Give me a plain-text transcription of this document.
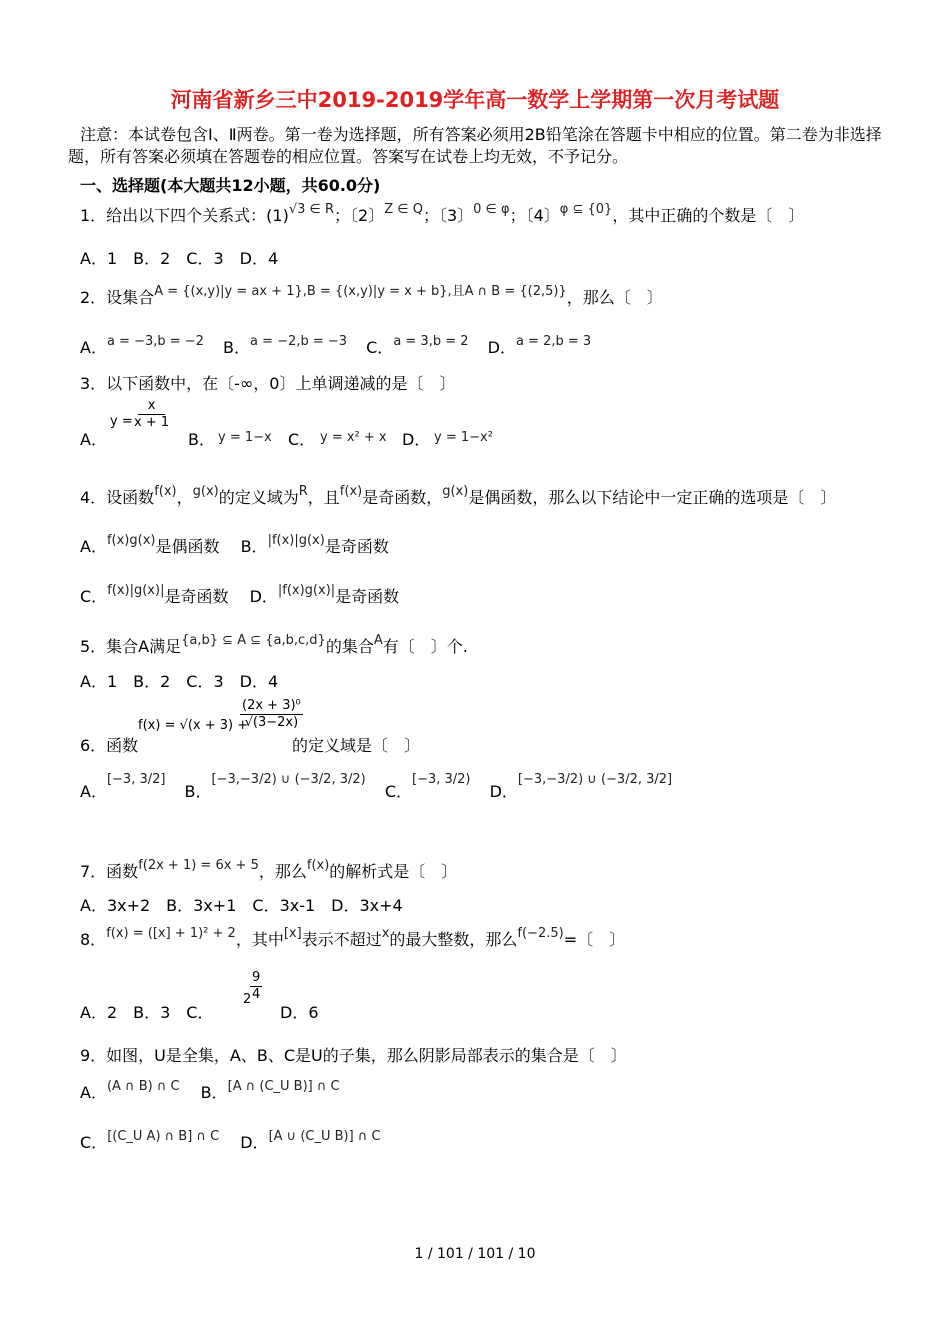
河南省新乡三中2019-2019学年高一数学上学期第一次月考试题
注意：本试卷包含Ⅰ、Ⅱ两卷。第一卷为选择题，所有答案必须用2B铅笔涂在答题卡中相应的位置。第二卷为非选择题，所有答案必须填在答题卷的相应位置。答案写在试卷上均无效，不予记分。
一、选择题(本大题共12小题，共60.0分)
1．给出以下四个关系式：$(1)^{√3 \in R}$；〔2〕$^{Z \in Q}$；〔3〕$^{0 \in \varphi}$；〔4〕$^{\varphi ⊆ \{0\}}$，其中正确的个数是〔　〕
A．1　B．2　C．3　D．4
2．设集合$^{A = \{(x,y)|y = ax + 1\},B = \{(x,y)|y = x + b\},且A \cap B = \{(2,5)\}}$，那么〔　〕
A．$^{a = -3,b = -2}$ B．$^{a = -2,b = -3}$ C．$^{a = 3,b = 2}$ D．$^{a = 2,b = 3}$
3．以下函数中，在〔-∞，0〕上单调递减的是〔　〕
A．
$y = \frac{x}{x + 1}$
B． y = 1−x C． y = x² + x D． y = 1−x²
4．设函数$^{f(x)}$，$^{g(x)}$的定义域为$^R$，且$^{f(x)}$是奇函数，$^{g(x)}$是偶函数，那么以下结论中一定正确的选项是〔　〕
A．$^{f(x)g(x)}$是偶函数 B．$^{|f(x)|g(x)}$是奇函数
C．$^{f(x)|g(x)|}$是奇函数 D．$^{|f(x)g(x)|}$是奇函数
5．集合A满足$^{\{a,b\} ⊆ A ⊆ \{a,b,c,d\}}$的集合$^A$有〔　〕个.
A．1　B．2　C．3　D．4
6．函数
f(x) = √(x + 3) +
$\frac{\text{(2x + 3)⁰}}{√(3-2x)}$
的定义域是〔　〕
A．[−3, 3/2] B．$^{[-3,-3/2) \cup (-3/2, 3/2)}$ C．$^{[-3, 3/2)}$ D．[−3,−3/2) ∪ (−3/2, 3/2]
7．函数$^{f(2x + 1) = 6x + 5}$，那么$^{f(x)}$的解析式是〔　〕
A．3x+2　B．3x+1　C．3x-1　D．3x+4
8．$^{f(x) = ([x] + 1)^2 + 2}$，其中[x]表示不超过$^x$的最大整数，那么$^{f(-2.5)}$=〔　〕
A．2　B．3　C．
2
$\frac{9}{4}$
D．6
9．如图，U是全集，A、B、C是U的子集，那么阴影局部表示的集合是〔　〕
A．$^{(A \cap B) \cap C}$ B．$^{[A \cap (C\_U B)] \cap C}$
C．$^{[(C\_U A) \cap B] \cap C}$ D．$^{[A \cup (C\_U B)] \cap C}$
1 / 101 / 101 / 10
